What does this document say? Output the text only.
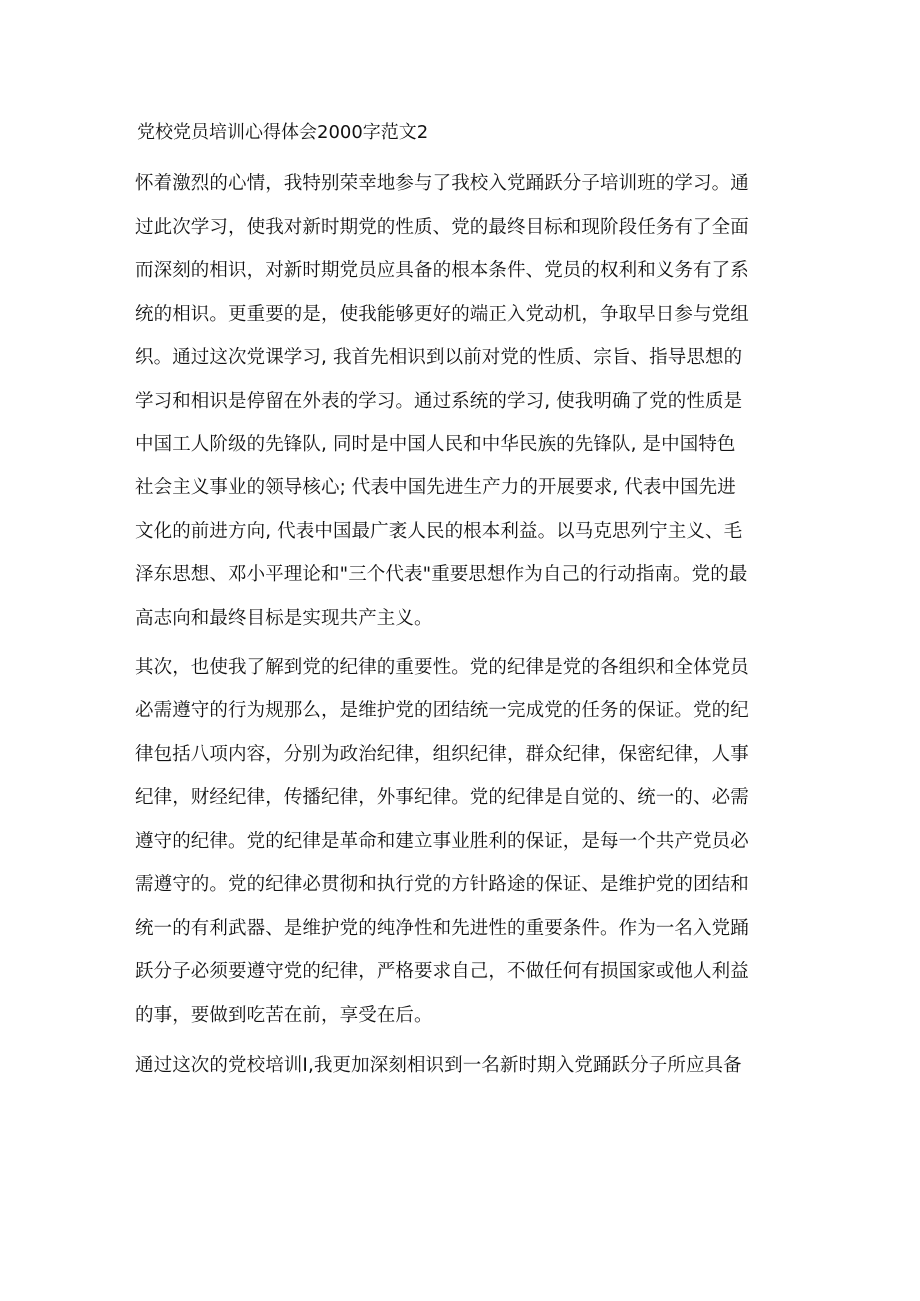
党校党员培训心得体会2000字范文2
怀着激烈的心情，我特别荣幸地参与了我校入党踊跃分子培训班的学习。通
过此次学习，使我对新时期党的性质、党的最终目标和现阶段任务有了全面
而深刻的相识，对新时期党员应具备的根本条件、党员的权利和义务有了系
统的相识。更重要的是，使我能够更好的端正入党动机，争取早日参与党组
织。通过这次党课学习, 我首先相识到以前对党的性质、宗旨、指导思想的
学习和相识是停留在外表的学习。通过系统的学习, 使我明确了党的性质是
中国工人阶级的先锋队, 同时是中国人民和中华民族的先锋队, 是中国特色
社会主义事业的领导核心; 代表中国先进生产力的开展要求, 代表中国先进
文化的前进方向, 代表中国最广袤人民的根本利益。以马克思列宁主义、毛
泽东思想、邓小平理论和"三个代表"重要思想作为自己的行动指南。党的最
高志向和最终目标是实现共产主义。
其次，也使我了解到党的纪律的重要性。党的纪律是党的各组织和全体党员
必需遵守的行为规那么，是维护党的团结统一完成党的任务的保证。党的纪
律包括八项内容，分别为政治纪律，组织纪律，群众纪律，保密纪律，人事
纪律，财经纪律，传播纪律，外事纪律。党的纪律是自觉的、统一的、必需
遵守的纪律。党的纪律是革命和建立事业胜利的保证，是每一个共产党员必
需遵守的。党的纪律必贯彻和执行党的方针路途的保证、是维护党的团结和
统一的有利武器、是维护党的纯净性和先进性的重要条件。作为一名入党踊
跃分子必须要遵守党的纪律，严格要求自己，不做任何有损国家或他人利益
的事，要做到吃苦在前，享受在后。
通过这次的党校培训I,我更加深刻相识到一名新时期入党踊跃分子所应具备
